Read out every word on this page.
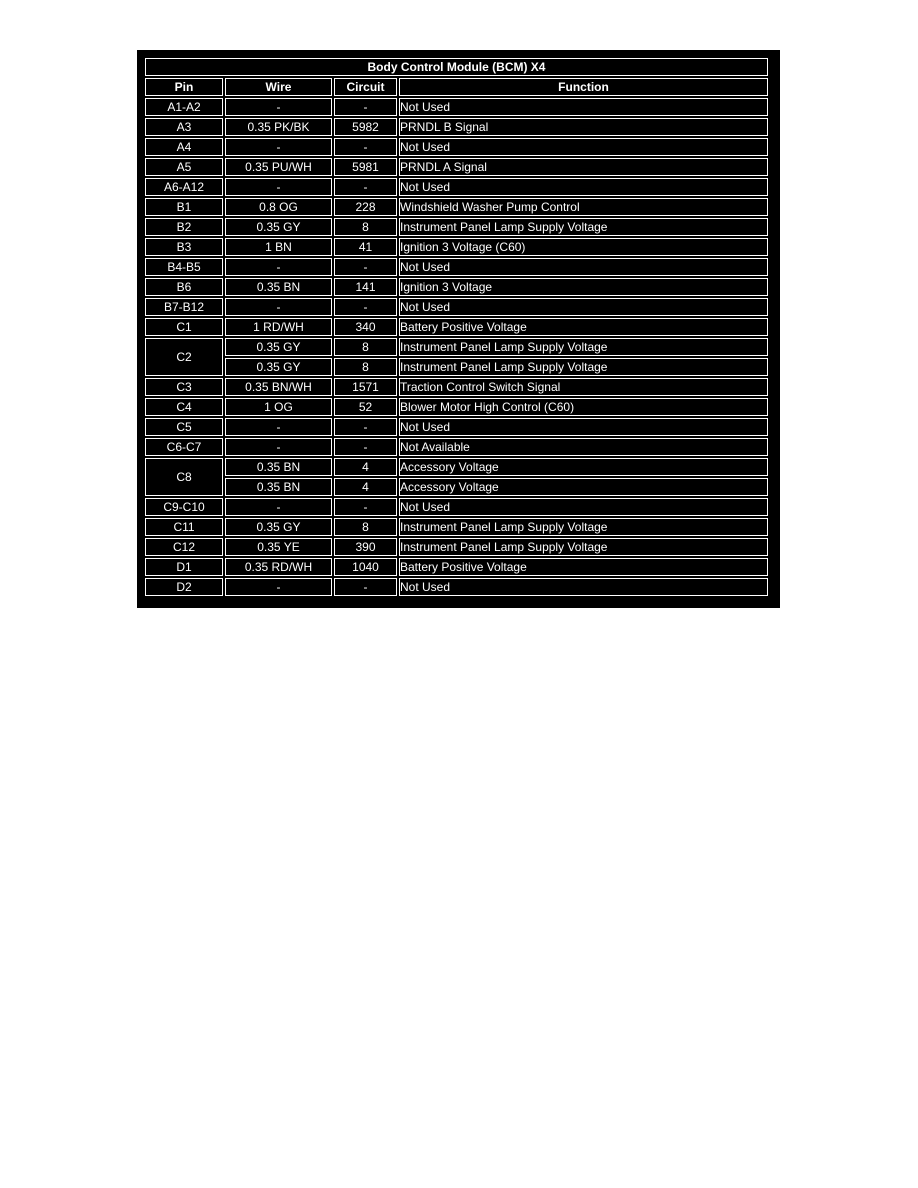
Body Control Module (BCM) X4			
Pin	Wire	Circuit	Function
A1-A2	-	-	Not Used
A3	0.35 PK/BK	5982	PRNDL B Signal
A4	-	-	Not Used
A5	0.35 PU/WH	5981	PRNDL A Signal
A6-A12	-	-	Not Used
B1	0.8 OG	228	Windshield Washer Pump Control
B2	0.35 GY	8	Instrument Panel Lamp Supply Voltage
B3	1 BN	41	Ignition 3 Voltage (C60)
B4-B5	-	-	Not Used
B6	0.35 BN	141	Ignition 3 Voltage
B7-B12	-	-	Not Used
C1	1 RD/WH	340	Battery Positive Voltage
C2	0.35 GY	8	Instrument Panel Lamp Supply Voltage
	0.35 GY	8	Instrument Panel Lamp Supply Voltage
C3	0.35 BN/WH	1571	Traction Control Switch Signal
C4	1 OG	52	Blower Motor High Control (C60)
C5	-	-	Not Used
C6-C7	-	-	Not Available
C8	0.35 BN	4	Accessory Voltage
	0.35 BN	4	Accessory Voltage
C9-C10	-	-	Not Used
C11	0.35 GY	8	Instrument Panel Lamp Supply Voltage
C12	0.35 YE	390	Instrument Panel Lamp Supply Voltage
D1	0.35 RD/WH	1040	Battery Positive Voltage
D2	-	-	Not Used
